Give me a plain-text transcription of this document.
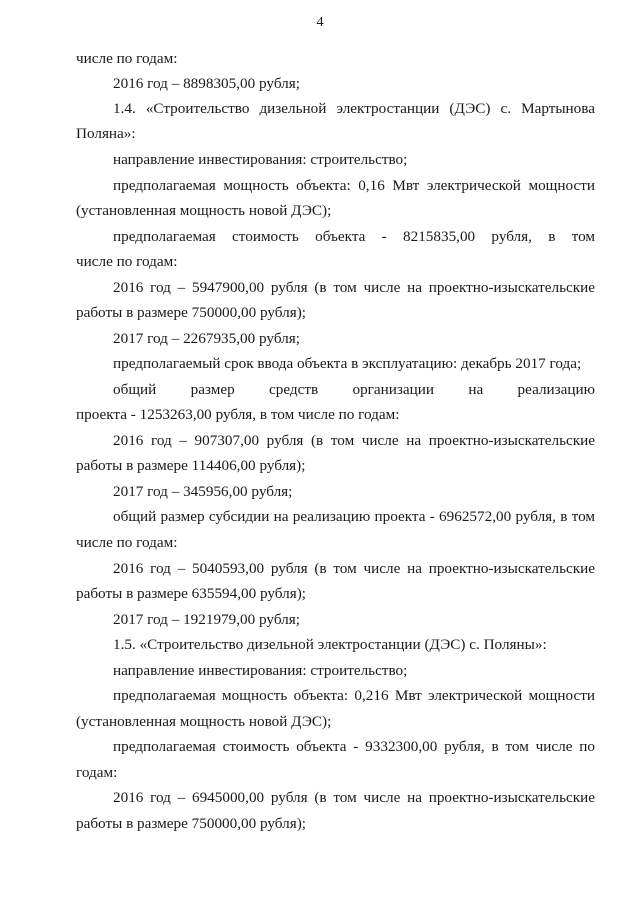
4
числе по годам:
2016 год – 8898305,00 рубля;
1.4. «Строительство дизельной электростанции (ДЭС) с. Мартынова
Поляна»:
направление инвестирования: строительство;
предполагаемая мощность объекта: 0,16 Мвт электрической мощности
(установленная мощность новой ДЭС);
предполагаемая стоимость объекта - 8215835,00 рубля, в том
числе по годам:
2016 год – 5947900,00 рубля (в том числе на проектно-изыскательские
работы в размере 750000,00 рубля);
2017 год – 2267935,00 рубля;
предполагаемый срок ввода объекта в эксплуатацию: декабрь 2017 года;
общий размер средств организации на реализацию
проекта - 1253263,00 рубля, в том числе по годам:
2016 год – 907307,00 рубля (в том числе на проектно-изыскательские
работы в размере 114406,00 рубля);
2017 год – 345956,00 рубля;
общий размер субсидии на реализацию проекта - 6962572,00 рубля, в том
числе по годам:
2016 год – 5040593,00 рубля (в том числе на проектно-изыскательские
работы в размере 635594,00 рубля);
2017 год – 1921979,00 рубля;
1.5. «Строительство дизельной электростанции (ДЭС) с. Поляны»:
направление инвестирования: строительство;
предполагаемая мощность объекта: 0,216 Мвт электрической мощности
(установленная мощность новой ДЭС);
предполагаемая стоимость объекта - 9332300,00 рубля, в том числе по
годам:
2016 год – 6945000,00 рубля (в том числе на проектно-изыскательские
работы в размере 750000,00 рубля);
